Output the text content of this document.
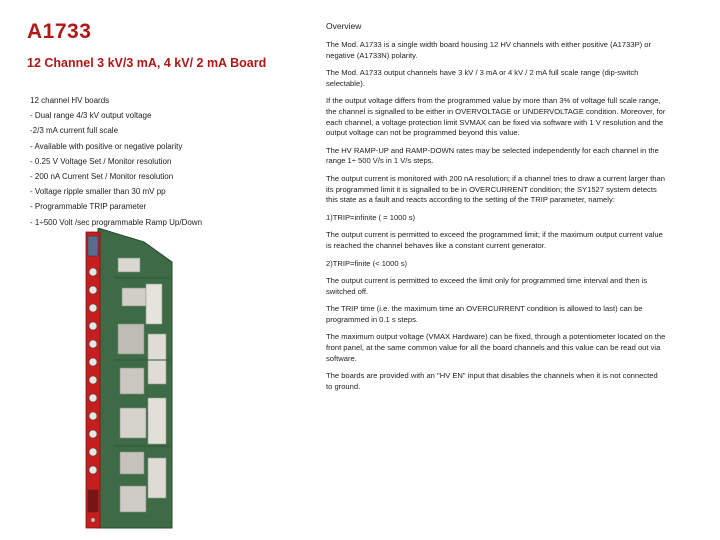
A1733
12 Channel 3 kV/3 mA, 4 kV/ 2 mA Board
12 channel HV boards
- Dual range 4/3 kV output voltage
-2/3 mA current full scale
- Available with positive or negative polarity
- 0.25 V Voltage Set / Monitor resolution
- 200 nA Current Set / Monitor resolution
- Voltage ripple smaller than 30 mV pp
- Programmable TRIP parameter
- 1÷500 Volt /sec programmable Ramp Up/Down
Overview

The Mod. A1733 is a single width board housing 12 HV channels with either positive (A1733P) or negative (A1733N) polarity.

The Mod. A1733 output channels have 3 kV / 3 mA or 4 kV / 2 mA full scale range (dip-switch selectable).

If the output voltage differs from the programmed value by more than 3% of voltage full scale range, the channel is signalled to be either in OVERVOLTAGE or UNDERVOLTAGE condition. Moreover, for each channel, a voltage protection limit SVMAX can be fixed via software with 1 V resolution and the output voltage can not be programmed beyond this value.

The HV RAMP-UP and RAMP-DOWN rates may be selected independently for each channel in the range 1÷ 500 V/s in 1 V/s steps.

The output current is monitored with 200 nA resolution; if a channel tries to draw a current larger than its programmed limit it is signalled to be in OVERCURRENT condition; the SY1527 system detects this state as a fault and reacts according to the setting of the TRIP parameter, namely:

1)TRIP=infinite ( = 1000 s)

The output current is permitted to exceed the programmed limit; if the maximum output current value is reached the channel behaves like a constant current generator.

2)TRIP=finite (< 1000 s)

The output current is permitted to exceed the limit only for programmed time interval and then is switched off.

The TRIP time (i.e. the maximum time an OVERCURRENT condition is allowed to last) can be programmed in 0.1 s steps.

The maximum output voltage (VMAX Hardware) can be fixed, through a potentiometer located on the front panel, at the same common value for all the board channels and this value can be read out via software.

The boards are provided with an "HV EN" input that disables the channels when it is not connected to ground.
